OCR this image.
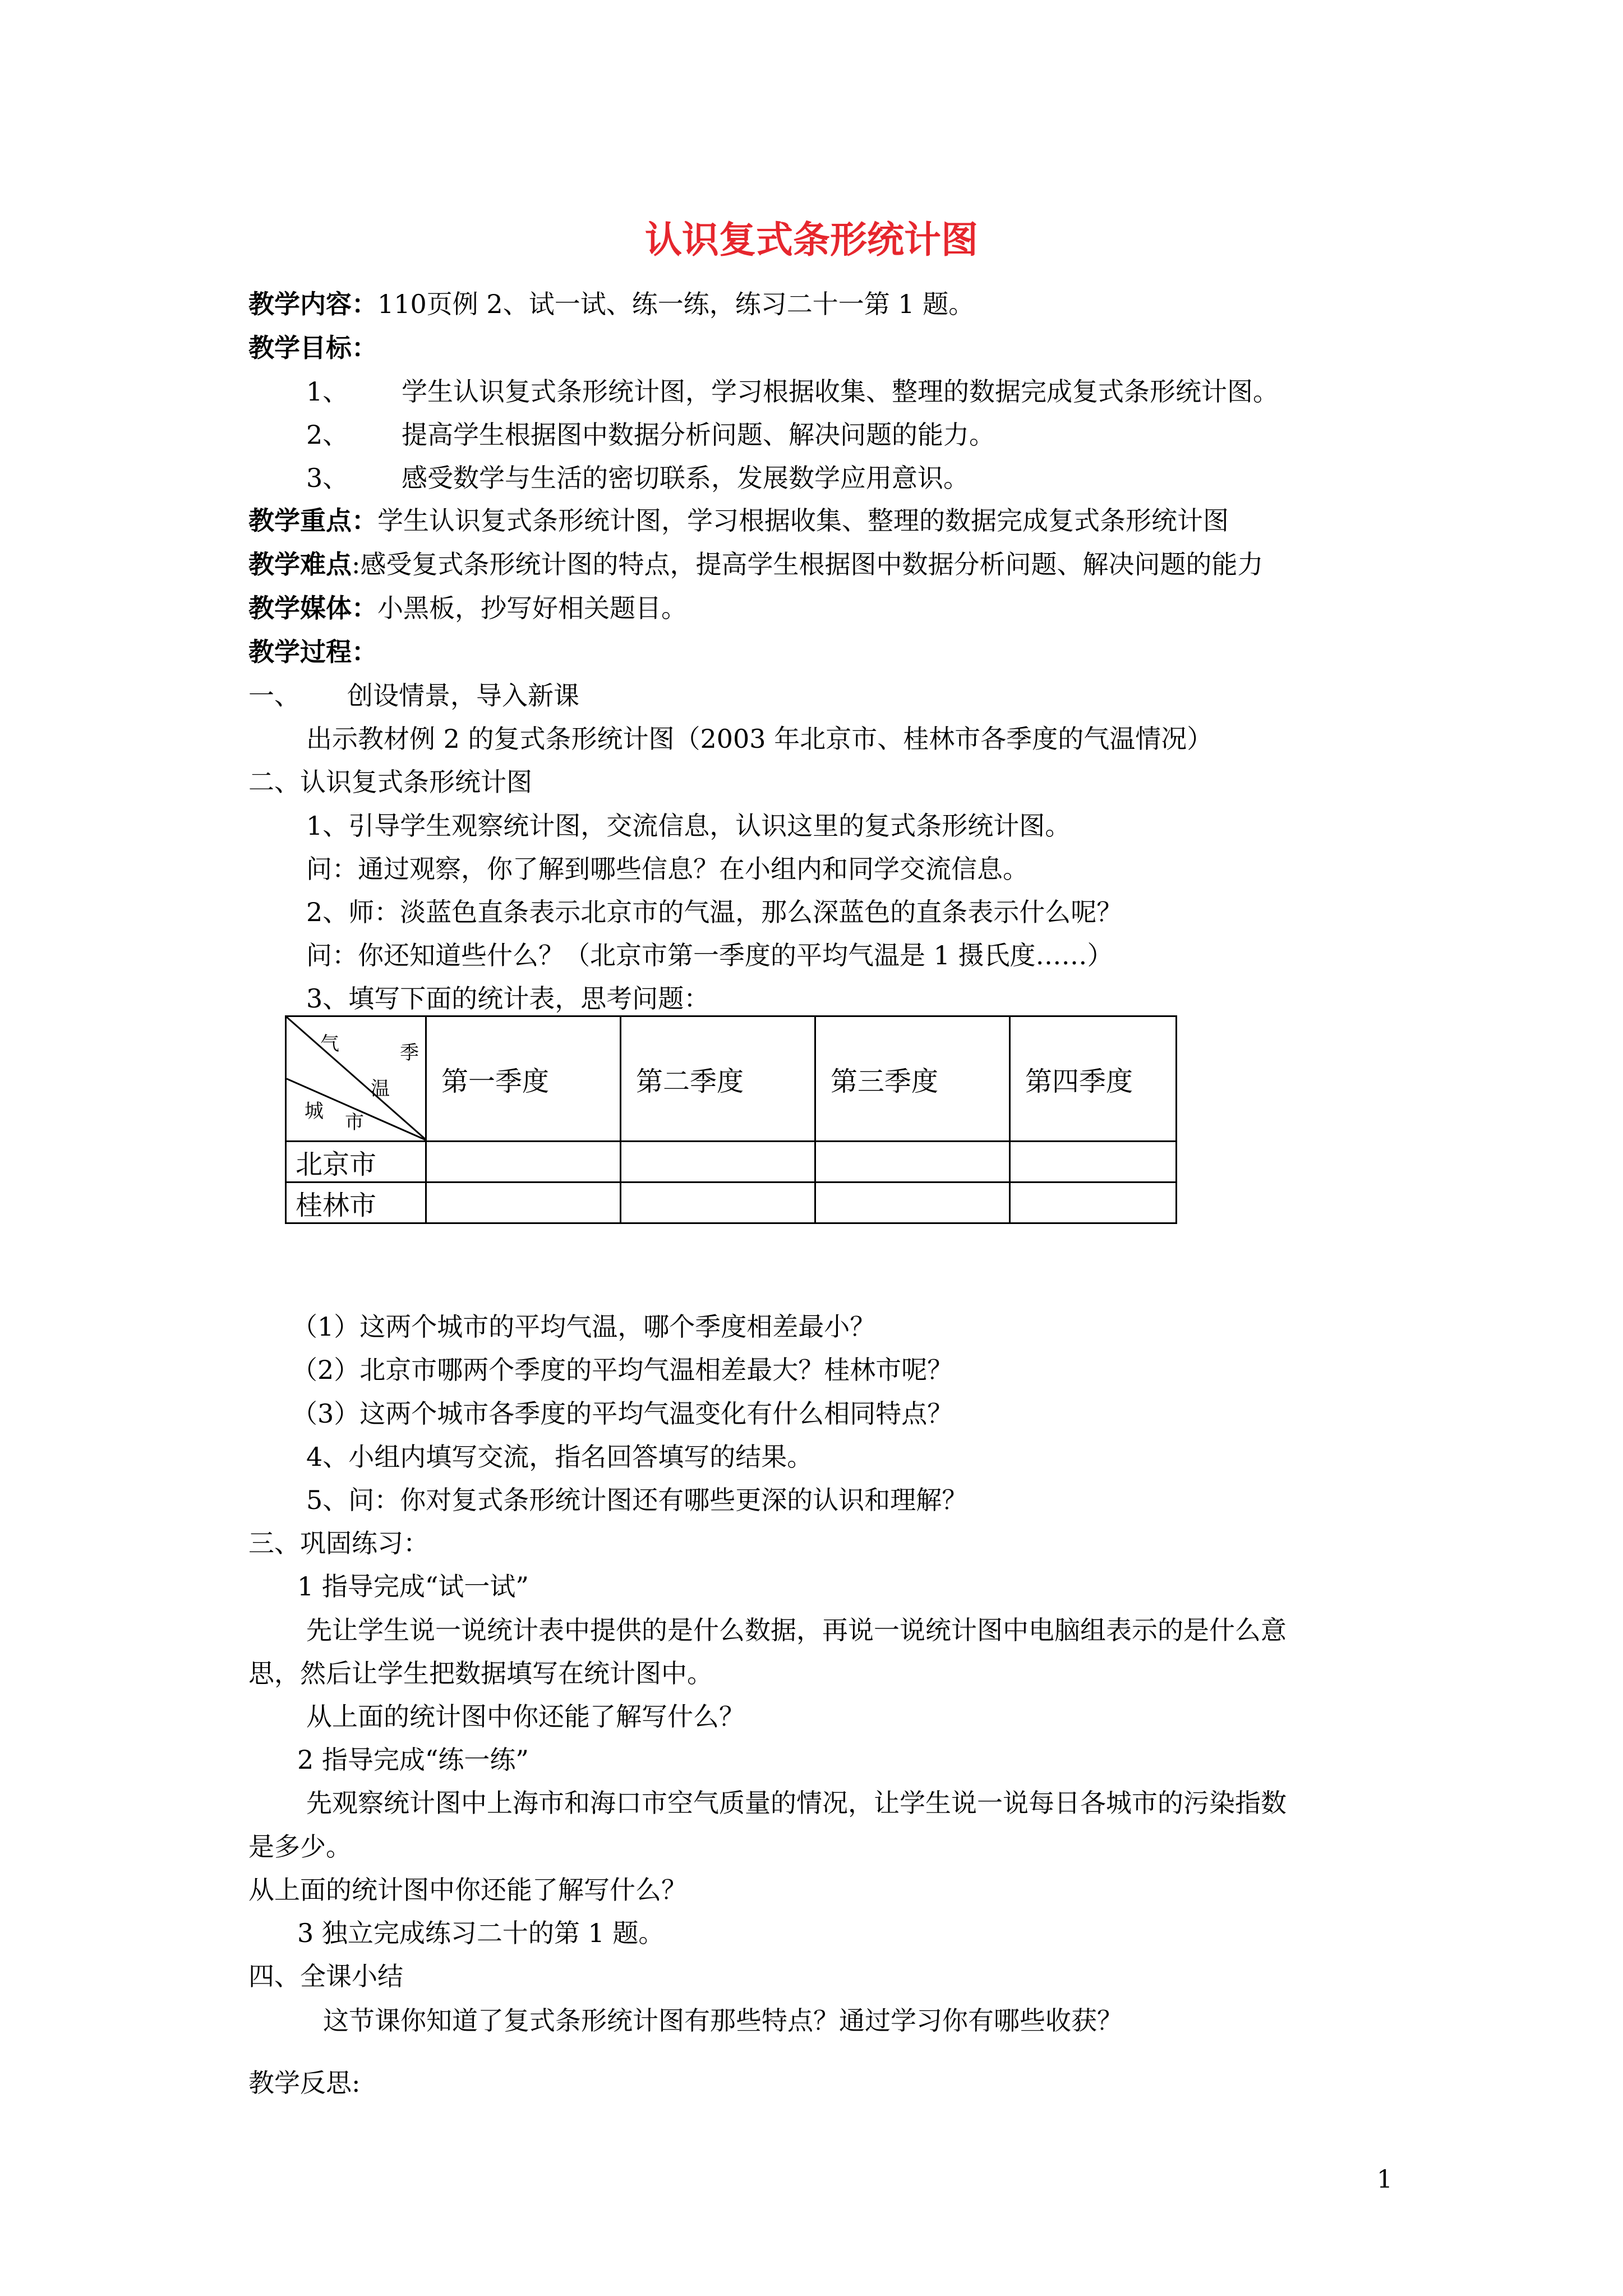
认识复式条形统计图
教学内容：110页例 2、试一试、练一练，练习二十一第 1 题。
教学目标：
1、 学生认识复式条形统计图，学习根据收集、整理的数据完成复式条形统计图。
2、 提高学生根据图中数据分析问题、解决问题的能力。
3、 感受数学与生活的密切联系，发展数学应用意识。
教学重点：学生认识复式条形统计图，学习根据收集、整理的数据完成复式条形统计图
教学难点:感受复式条形统计图的特点，提高学生根据图中数据分析问题、解决问题的能力
教学媒体：小黑板，抄写好相关题目。
教学过程：
一、 创设情景，导入新课
出示教材例 2 的复式条形统计图（2003 年北京市、桂林市各季度的气温情况）
二、认识复式条形统计图
1、引导学生观察统计图，交流信息，认识这里的复式条形统计图。
问：通过观察，你了解到哪些信息？在小组内和同学交流信息。
2、师：淡蓝色直条表示北京市的气温，那么深蓝色的直条表示什么呢？
问：你还知道些什么？（北京市第一季度的平均气温是 1 摄氏度……）
3、填写下面的统计表，思考问题：
气 季
温
城 市	第一季度	第二季度	第三季度	第四季度
北京市				
桂林市				
（1）这两个城市的平均气温，哪个季度相差最小？
（2）北京市哪两个季度的平均气温相差最大？桂林市呢？
（3）这两个城市各季度的平均气温变化有什么相同特点？
4、小组内填写交流，指名回答填写的结果。
5、问：你对复式条形统计图还有哪些更深的认识和理解？
三、巩固练习：
1 指导完成“试一试”
先让学生说一说统计表中提供的是什么数据，再说一说统计图中电脑组表示的是什么意
思，然后让学生把数据填写在统计图中。
从上面的统计图中你还能了解写什么？
2 指导完成“练一练”
先观察统计图中上海市和海口市空气质量的情况，让学生说一说每日各城市的污染指数
是多少。
从上面的统计图中你还能了解写什么？
3 独立完成练习二十的第 1 题。
四、全课小结
这节课你知道了复式条形统计图有那些特点？通过学习你有哪些收获？
教学反思:
1
